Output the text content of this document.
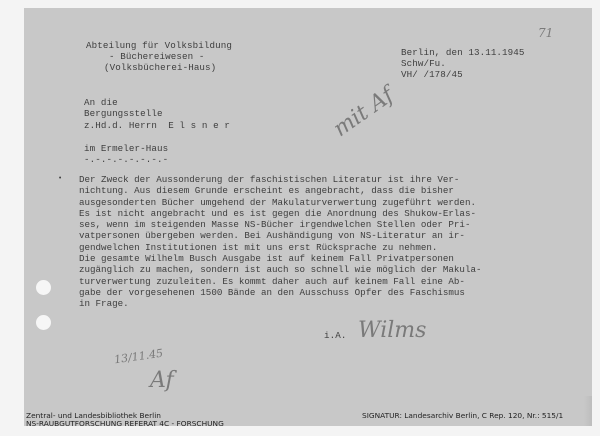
71
Abteilung für Volksbildung
- Büchereiwesen -
(Volksbücherei-Haus)
Berlin, den 13.11.1945
Schw/Fu.
VH/ /178/45
An die
Bergungsstelle
z.Hd.d. Herrn  E l s n e r
im Ermeler-Haus
-.-.-.-.-.-.-.-
mit Af
•	Der Zweck der Aussonderung der faschistischen Literatur ist ihre Ver-
nichtung. Aus diesem Grunde erscheint es angebracht, dass die bisher
ausgesonderten Bücher umgehend der Makulaturverwertung zugeführt werden.
Es ist nicht angebracht und es ist gegen die Anordnung des Shukow-Erlas-
ses, wenn im steigenden Masse NS-Bücher irgendwelchen Stellen oder Pri-
vatpersonen übergeben werden. Bei Aushändigung von NS-Literatur an ir-
gendwelchen Institutionen ist mit uns erst Rücksprache zu nehmen.
Die gesamte Wilhelm Busch Ausgabe ist auf keinem Fall Privatpersonen
zugänglich zu machen, sondern ist auch so schnell wie möglich der Makula-
turverwertung zuzuleiten. Es kommt daher auch auf keinem Fall eine Ab-
gabe der vorgesehenen 1500 Bände an den Ausschuss Opfer des Faschismus
in Frage.
i.A. Wilms
13/11.45
Af
Zentral- und Landesbibliothek Berlin
NS-RAUBGUTFORSCHUNG REFERAT 4C - FORSCHUNG
SIGNATUR: Landesarchiv Berlin, C Rep. 120, Nr.: 515/1
